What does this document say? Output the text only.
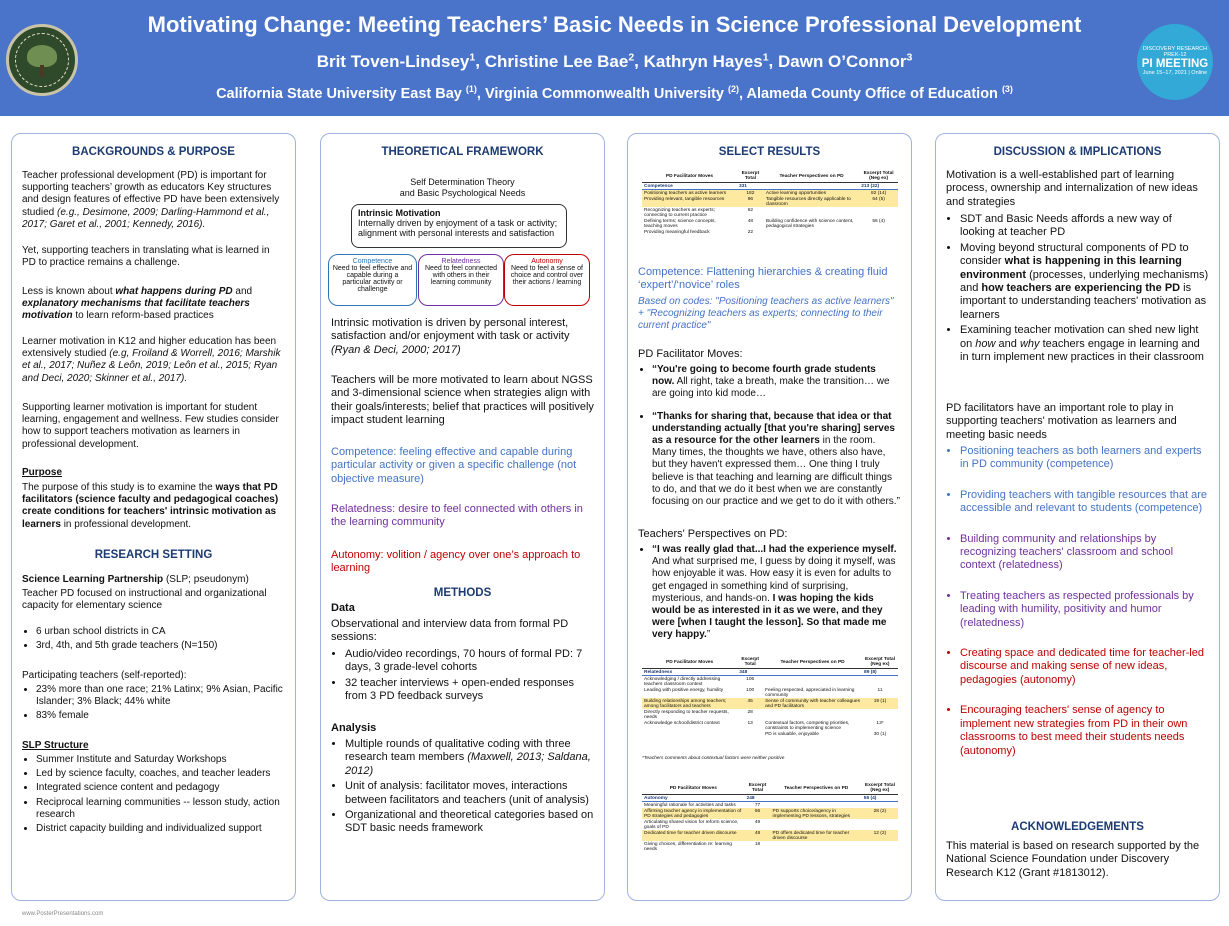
Motivating Change: Meeting Teachers’ Basic Needs in Science Professional Development
Brit Toven-Lindsey$^1$, Christine Lee Bae$^2$, Kathryn Hayes$^1$, Dawn O’Connor$^3$
California State University East Bay $^{(1)}$, Virginia Commonwealth University $^{(2)}$, Alameda County Office of Education $^{(3)}$
DISCOVERY RESEARCH PREK-12
PI MEETING
June 15–17, 2021 | Online
BACKGROUNDS & PURPOSE

Teacher professional development (PD) is important for supporting teachers’ growth as educators Key structures and design features of effective PD have been extensively studied (e.g., Desimone, 2009; Darling-Hammond et al., 2017; Garet et al., 2001; Kennedy, 2016).

Yet, supporting teachers in translating what is learned in PD to practice remains a challenge.

Less is known about what happens during PD and explanatory mechanisms that facilitate teachers motivation to learn reform-based practices

Learner motivation in K12 and higher education has been extensively studied (e.g, Froiland & Worrell, 2016; Marshik et al., 2017; Nuñez & Leôn, 2019; Leôn et al., 2015; Ryan and Deci, 2020; Skinner et al., 2017).

Supporting learner motivation is important for student learning, engagement and wellness. Few studies consider how to support teachers motivation as learners in professional development.

Purpose

The purpose of this study is to examine the ways that PD facilitators (science faculty and pedagogical coaches) create conditions for teachers' intrinsic motivation as learners in professional development.

RESEARCH SETTING

Science Learning Partnership (SLP; pseudonym)

Teacher PD focused on instructional and organizational capacity for elementary science

• 6 urban school districts in CA
• 3rd, 4th, and 5th grade teachers (N=150)

Participating teachers (self-reported):

• 23% more than one race; 21% Latinx; 9% Asian, Pacific Islander; 3% Black; 44% white
• 83% female

SLP Structure

• Summer Institute and Saturday Workshops
• Led by science faculty, coaches, and teacher leaders
• Integrated science content and pedagogy
• Reciprocal learning communities -- lesson study, action research
• District capacity building and individualized support
THEORETICAL FRAMEWORK
Self Determination Theory
and Basic Psychological Needs
Intrinsic Motivation
Internally driven by enjoyment of a task or activity; alignment with personal interests and satisfaction
Competence
Need to feel effective and capable during a particular activity or challenge
Relatedness
Need to feel connected with others in their learning community
Autonomy
Need to feel a sense of choice and control over their actions / learning

Intrinsic motivation is driven by personal interest, satisfaction and/or enjoyment with task or activity (Ryan & Deci, 2000; 2017)

Teachers will be more motivated to learn about NGSS and 3-dimensional science when strategies align with their goals/interests; belief that practices will positively impact student learning

Competence: feeling effective and capable during particular activity or given a specific challenge (not objective measure)

Relatedness: desire to feel connected with others in the learning community

Autonomy: volition / agency over one’s approach to learning

METHODS

Data

Observational and interview data from formal PD sessions:

• Audio/video recordings, 70 hours of formal PD: 7 days, 3 grade-level cohorts
• 32 teacher interviews + open-ended responses from 3 PD feedback surveys

Analysis

• Multiple rounds of qualitative coding with three research team members (Maxwell, 2013; Saldana, 2012)
• Unit of analysis: facilitator moves, interactions between facilitators and teachers (unit of analysis)
• Organizational and theoretical categories based on SDT basic needs framework
SELECT RESULTS
PD Facilitator Moves	Excerpt Total	Teacher Perspectives on PD	Excerpt Total (Neg ex)
Competence	331		213 (22)
Positioning teachers as active learners	182	Active learning opportunities	82 (14)
Providing relevant, tangible resources	96	Tangible resources directly applicable to classroom	64 (5)
Recognizing teachers as experts; connecting to current practice	62		
Defining terms; science concepts, teaching moves	48	Building confidence with science content, pedagogical strategies	56 (4)
Providing meaningful feedback	22		

Competence: Flattening hierarchies & creating fluid ‘expert’/‘novice’ roles

Based on codes: "Positioning teachers as active learners" + "Recognizing teachers as experts; connecting to their current practice"

PD Facilitator Moves:

• “You're going to become fourth grade students now. All right, take a breath, make the transition… we are going into kid mode…
• “Thanks for sharing that, because that idea or that understanding actually [that you're sharing] serves as a resource for the other learners in the room. Many times, the thoughts we have, others also have, but they haven't expressed them… One thing I truly believe is that teaching and learning are difficult things to do, and that we do it best when we are constantly focusing on our practice and we get to do it with others.”

Teachers' Perspectives on PD:

• “I was really glad that...I had the experience myself. And what surprised me, I guess by doing it myself, was how enjoyable it was. How easy it is even for adults to get engaged in something kind of surprising, mysterious, and hands-on. I was hoping the kids would be as interested in it as we were, and they were [when I taught the lesson]. So that made me very happy.”
PD Facilitator Moves	Excerpt Total	Teacher Perspectives on PD	Excerpt Total (Neg ex)
Relatedness	348		89 (8)
Acknowledging / directly addressing teachers classroom context	106		
Leading with positive energy, humility	100	Feeling respected, appreciated in learning community	11
Building relationships among teachers; among facilitators and teachers	45	Sense of community with teacher colleagues and PD facilitators	19 (1)
Directly responding to teacher requests, needs	28		
Acknowledge school/district context	13	Contextual factors, competing priorities, constraints to implementing science	13*
		PD is valuable, enjoyable	30 (1)
*Teachers comments about contextual factors were neither positive
PD Facilitator Moves	Excerpt Total	Teacher Perspectives on PD	Excerpt Total (Neg ex)
Autonomy	248		55 (4)
Meaningful rationale for activities and tasks	77		
Affirming teacher agency in implementation of PD strategies and pedagogies	56	PD supports choice/agency in implementing PD lessons, strategies	28 (2)
Articulating shared vision for reform science, goals of PD	49		
Dedicated time for teacher driven discourse	48	PD offers dedicated time for teacher driven discourse	12 (2)
Giving choices, differentiation re: learning needs	18		
DISCUSSION & IMPLICATIONS

Motivation is a well-established part of learning process, ownership and internalization of new ideas and strategies

• SDT and Basic Needs affords a new way of looking at teacher PD
• Moving beyond structural components of PD to consider what is happening in this learning environment (processes, underlying mechanisms) and how teachers are experiencing the PD is important to understanding teachers' motivation as learners
• Examining teacher motivation can shed new light on how and why teachers engage in learning and in turn implement new practices in their classroom

PD facilitators have an important role to play in supporting teachers' motivation as learners and meeting basic needs

• Positioning teachers as both learners and experts in PD community (competence)
• Providing teachers with tangible resources that are accessible and relevant to students (competence)
• Building community and relationships by recognizing teachers' classroom and school context (relatedness)
• Treating teachers as respected professionals by leading with humility, positivity and humor (relatedness)
• Creating space and dedicated time for teacher-led discourse and making sense of new ideas, pedagogies (autonomy)
• Encouraging teachers' sense of agency to implement new strategies from PD in their own classrooms to best meed their students needs (autonomy)
ACKNOWLEDGEMENTS

This material is based on research supported by the National Science Foundation under Discovery Research K12 (Grant #1813012).

www.PosterPresentations.com
